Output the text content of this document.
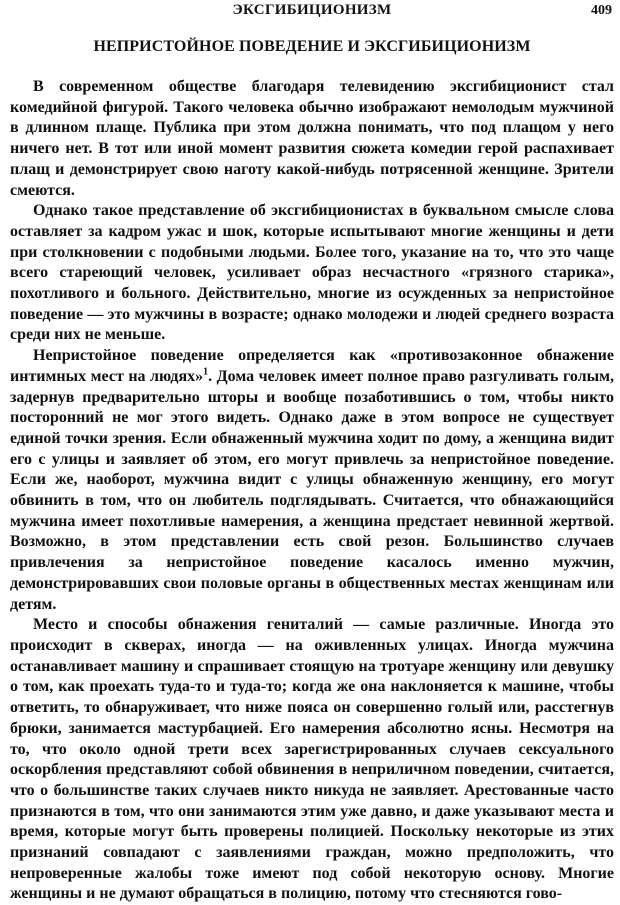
ЭКСГИБИЦИОНИЗМ	409
НЕПРИСТОЙНОЕ ПОВЕДЕНИЕ И ЭКСГИБИЦИОНИЗМ

В современном обществе благодаря телевидению эксгибиционист стал комедийной фигурой. Такого человека обычно изображают немолодым мужчиной в длинном плаще. Публика при этом должна понимать, что под плащом у него ничего нет. В тот или иной момент развития сюжета комедии герой распахивает плащ и демонстрирует свою наготу какой-нибудь потрясенной женщине. Зрители смеются.

Однако такое представление об эксгибиционистах в буквальном смысле слова оставляет за кадром ужас и шок, которые испытывают многие женщины и дети при столкновении с подобными людьми. Более того, указание на то, что это чаще всего стареющий человек, усиливает образ несчастного «грязного старика», похотливого и больного. Действительно, многие из осужденных за непристойное поведение — это мужчины в возрасте; однако молодежи и людей среднего возраста среди них не меньше.

Непристойное поведение определяется как «противозаконное обнажение интимных мест на людях»$^1$. Дома человек имеет полное право разгуливать голым, задернув предварительно шторы и вообще позаботившись о том, чтобы никто посторонний не мог этого видеть. Однако даже в этом вопросе не существует единой точки зрения. Если обнаженный мужчина ходит по дому, а женщина видит его с улицы и заявляет об этом, его могут привлечь за непристойное поведение. Если же, наоборот, мужчина видит с улицы обнаженную женщину, его могут обвинить в том, что он любитель подглядывать. Считается, что обнажающийся мужчина имеет похотливые намерения, а женщина предстает невинной жертвой. Возможно, в этом представлении есть свой резон. Большинство случаев привлечения за непристойное поведение касалось именно мужчин, демонстрировавших свои половые органы в общественных местах женщинам или детям.

Место и способы обнажения гениталий — самые различные. Иногда это происходит в скверах, иногда — на оживленных улицах. Иногда мужчина останавливает машину и спрашивает стоящую на тротуаре женщину или девушку о том, как проехать туда-то и туда-то; когда же она наклоняется к машине, чтобы ответить, то обнаруживает, что ниже пояса он совершенно голый или, расстегнув брюки, занимается мастурбацией. Его намерения абсолютно ясны. Несмотря на то, что около одной трети всех зарегистрированных случаев сексуального оскорбления представляют собой обвинения в неприличном поведении, считается, что о большинстве таких случаев никто никуда не заявляет. Арестованные часто признаются в том, что они занимаются этим уже давно, и даже указывают места и время, которые могут быть проверены полицией. Поскольку некоторые из этих признаний совпадают с заявлениями граждан, можно предположить, что непроверенные жалобы тоже имеют под собой некоторую основу. Многие женщины и не думают обращаться в полицию, потому что стесняются гово-
